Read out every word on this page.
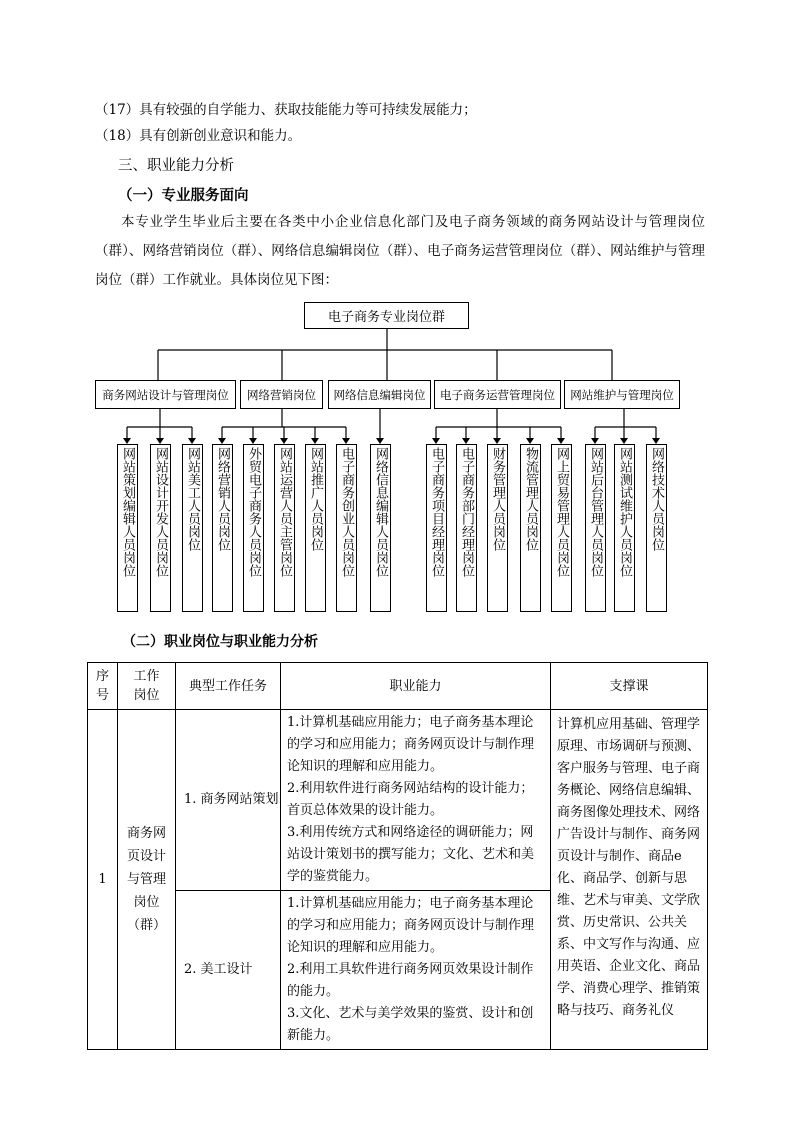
（17）具有较强的自学能力、获取技能能力等可持续发展能力；
（18）具有创新创业意识和能力。
三、职业能力分析
（一）专业服务面向
本专业学生毕业后主要在各类中小企业信息化部门及电子商务领域的商务网站设计与管理岗位（群）、网络营销岗位（群）、网络信息编辑岗位（群）、电子商务运营管理岗位（群）、网站维护与管理岗位（群）工作就业。具体岗位见下图：
电子商务专业岗位群
商务网站设计与管理岗位	网络营销岗位	网络信息编辑岗位	电子商务运营管理岗位	网站维护与管理岗位
网站策划编辑人员岗位 网站设计开发人员岗位 网站美工人员岗位 网络营销人员岗位 外贸电子商务人员岗位 网站运营人员主管岗位 网站推广人员岗位 电子商务创业人员岗位 网络信息编辑人员岗位	电子商务项目经理岗位 电子商务部门经理岗位 财务管理人员岗位 物流管理人员岗位 网上贸易管理人员岗位 网站后台管理人员岗位 网站测试维护人员岗位 网络技术人员岗位
（二）职业岗位与职业能力分析
序号	工作岗位	典型工作任务	职业能力	支撑课
1	商务网页设计与管理岗位（群）	1. 商务网站策划	1.计算机基础应用能力；电子商务基本理论的学习和应用能力；商务网页设计与制作理论知识的理解和应用能力。
2.利用软件进行商务网站结构的设计能力；首页总体效果的设计能力。
3.利用传统方式和网络途径的调研能力；网站设计策划书的撰写能力；文化、艺术和美学的鉴赏能力。	计算机应用基础、管理学原理、市场调研与预测、客户服务与管理、电子商务概论、网络信息编辑、商务图像处理技术、网络广告设计与制作、商务网页设计与制作、商品e化、商品学、创新与思维、艺术与审美、文学欣赏、历史常识、公共关系、中文写作与沟通、应用英语、企业文化、商品学、消费心理学、推销策略与技巧、商务礼仪
		2. 美工设计	1.计算机基础应用能力；电子商务基本理论的学习和应用能力；商务网页设计与制作理论知识的理解和应用能力。
2.利用工具软件进行商务网页效果设计制作的能力。
3.文化、艺术与美学效果的鉴赏、设计和创新能力。	
